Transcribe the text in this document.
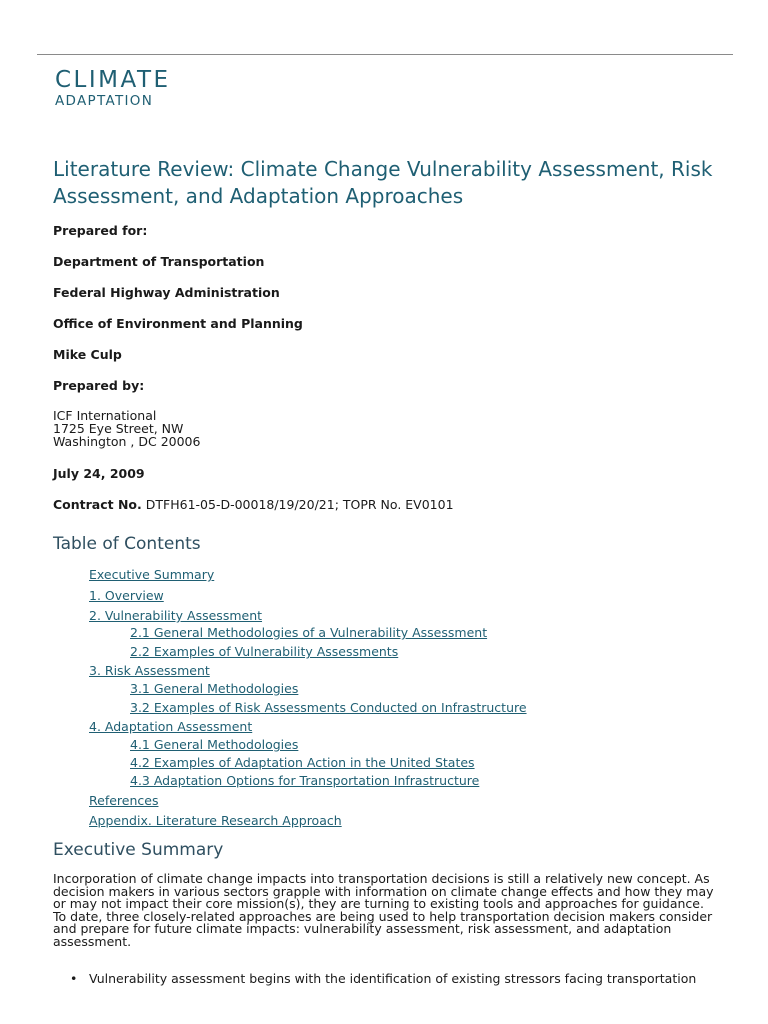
CLIMATE
ADAPTATION
Literature Review: Climate Change Vulnerability Assessment, Risk Assessment, and Adaptation Approaches

Prepared for:

Department of Transportation

Federal Highway Administration

Office of Environment and Planning

Mike Culp

Prepared by:

ICF International
1725 Eye Street, NW
Washington , DC 20006

July 24, 2009

Contract No. DTFH61-05-D-00018/19/20/21; TOPR No. EV0101

Table of Contents
Executive Summary
1. Overview
2. Vulnerability Assessment
2.1 General Methodologies of a Vulnerability Assessment
2.2 Examples of Vulnerability Assessments
3. Risk Assessment
3.1 General Methodologies
3.2 Examples of Risk Assessments Conducted on Infrastructure
4. Adaptation Assessment
4.1 General Methodologies
4.2 Examples of Adaptation Action in the United States
4.3 Adaptation Options for Transportation Infrastructure
References
Appendix. Literature Research Approach
Executive Summary
Incorporation of climate change impacts into transportation decisions is still a relatively new concept. As
decision makers in various sectors grapple with information on climate change effects and how they may
or may not impact their core mission(s), they are turning to existing tools and approaches for guidance.
To date, three closely-related approaches are being used to help transportation decision makers consider
and prepare for future climate impacts: vulnerability assessment, risk assessment, and adaptation
assessment.

• Vulnerability assessment begins with the identification of existing stressors facing transportation
